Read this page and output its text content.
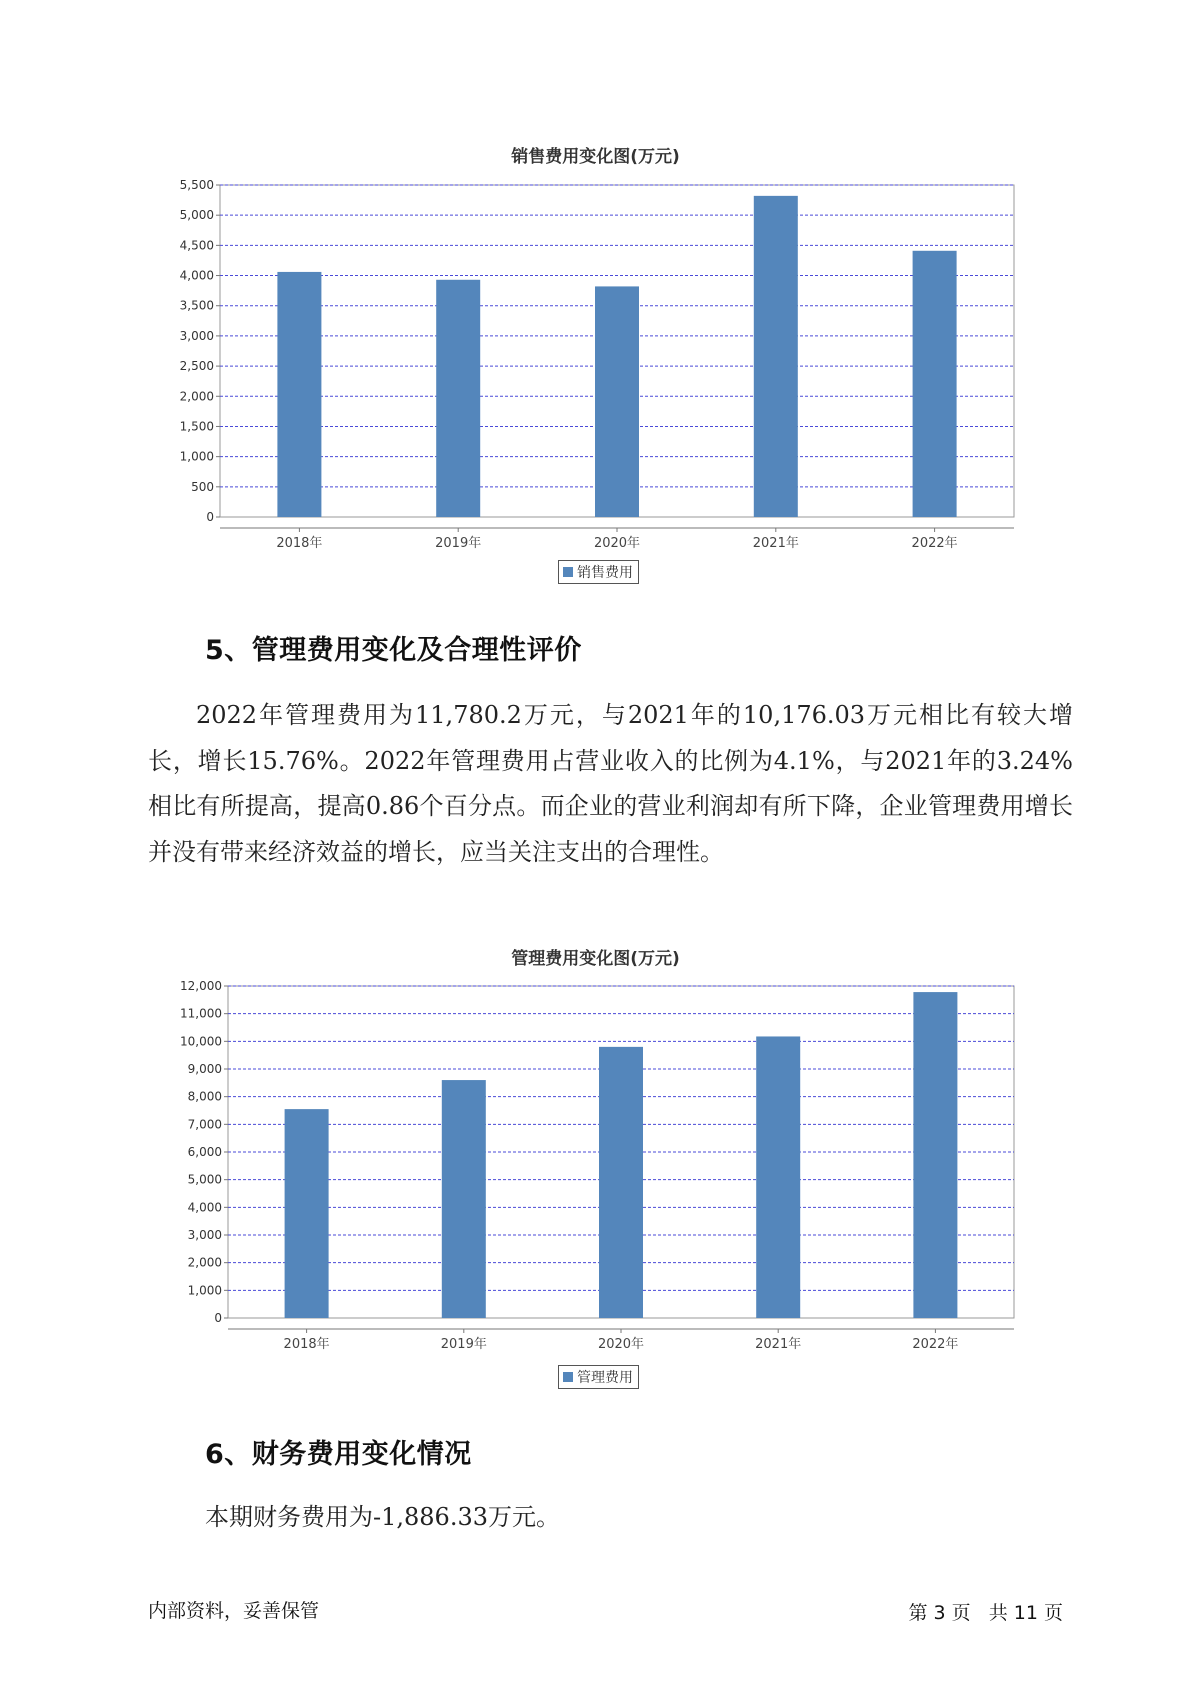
销售费用变化图(万元)
0
500
1,000
1,500
2,000
2,500
3,000
3,500
4,000
4,500
5,000
5,500
2018年	2019年	2020年	2021年	2022年
销售费用
5、管理费用变化及合理性评价

2022年管理费用为11,780.2万元，与2021年的10,176.03万元相比有较大增长，增长15.76%。2022年管理费用占营业收入的比例为4.1%，与2021年的3.24%相比有所提高，提高0.86个百分点。而企业的营业利润却有所下降，企业管理费用增长并没有带来经济效益的增长，应当关注支出的合理性。

管理费用变化图(万元)
0
1,000
2,000
3,000
4,000
5,000
6,000
7,000
8,000
9,000
10,000
11,000
12,000
2018年	2019年	2020年	2021年	2022年
管理费用
6、财务费用变化情况

本期财务费用为-1,886.33万元。

内部资料，妥善保管	第 3 页   共 11 页
